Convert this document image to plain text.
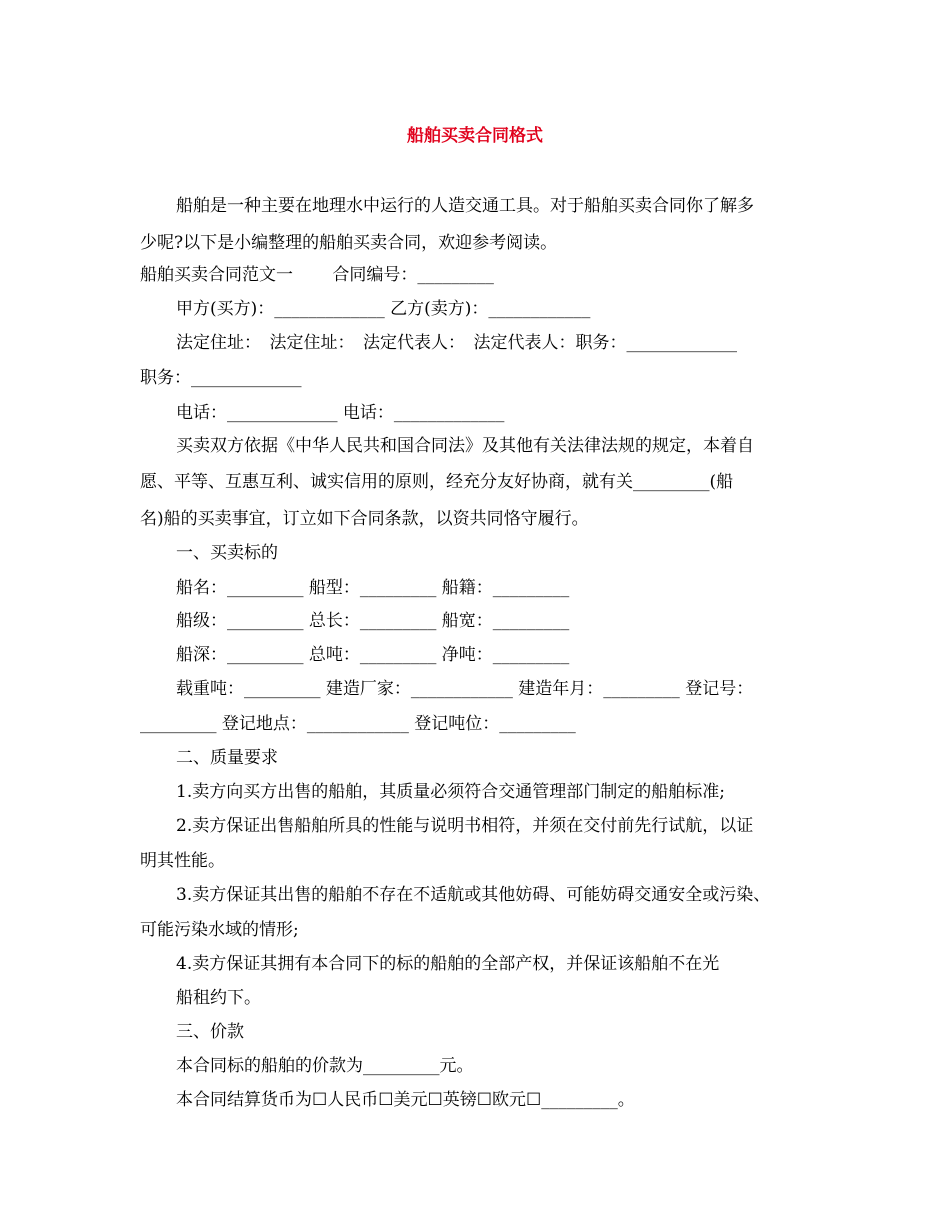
船舶买卖合同格式
船舶是一种主要在地理水中运行的人造交通工具。对于船舶买卖合同你了解多
少呢?以下是小编整理的船舶买卖合同，欢迎参考阅读。
船舶买卖合同范文一　　 合同编号：_________
甲方(买方)：_____________ 乙方(卖方)：____________
法定住址：　法定住址：　法定代表人：　法定代表人：职务：_____________
职务：_____________
电话：_____________ 电话：_____________
买卖双方依据《中华人民共和国合同法》及其他有关法律法规的规定，本着自
愿、平等、互惠互利、诚实信用的原则，经充分友好协商，就有关_________(船
名)船的买卖事宜，订立如下合同条款，以资共同恪守履行。
一、买卖标的
船名：_________ 船型：_________ 船籍：_________
船级：_________ 总长：_________ 船宽：_________
船深：_________ 总吨：_________ 净吨：_________
载重吨：_________ 建造厂家：____________ 建造年月：_________ 登记号：
_________ 登记地点：____________ 登记吨位：_________
二、质量要求
1.卖方向买方出售的船舶，其质量必须符合交通管理部门制定的船舶标准;
2.卖方保证出售船舶所具的性能与说明书相符，并须在交付前先行试航，以证
明其性能。
3.卖方保证其出售的船舶不存在不适航或其他妨碍、可能妨碍交通安全或污染、
可能污染水域的情形;
4.卖方保证其拥有本合同下的标的船舶的全部产权，并保证该船舶不在光
船租约下。
三、价款
本合同标的船舶的价款为_________元。
本合同结算货币为☐人民币☐美元☐英镑☐欧元☐_________。
